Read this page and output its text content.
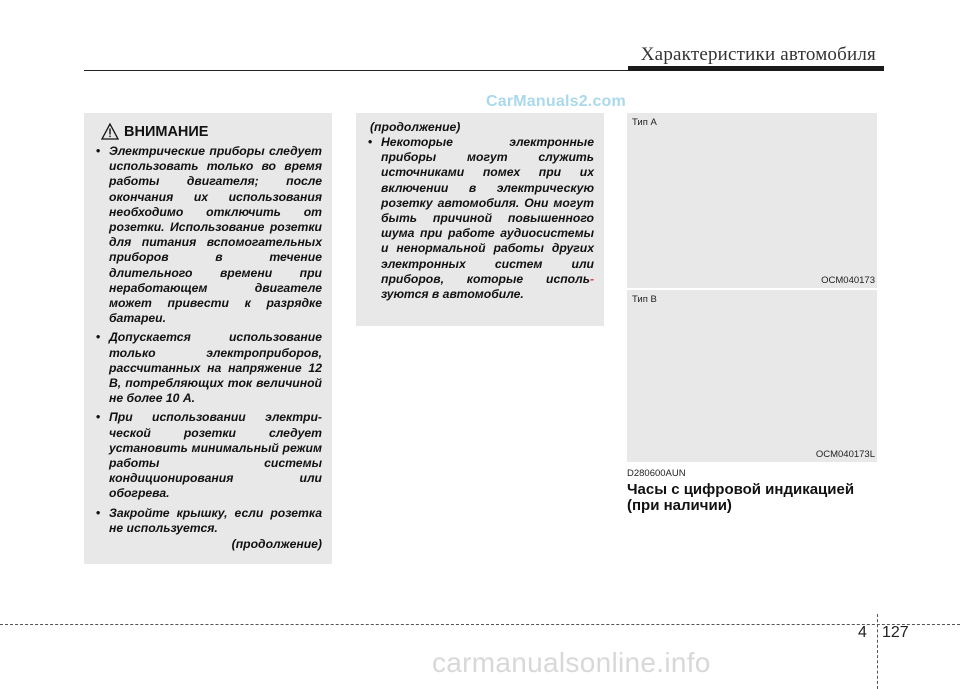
Характеристики автомобиля
CarManuals2.com
ВНИМАНИЕ
• Электрические приборы следует использовать только во время работы двигателя; после окончания их использования необходимо отключить от розетки. Использование розетки для питания вспомогательных приборов в течение длительного времени при неработающем двигателе может привести к разрядке батареи.
• Допускается использование только электроприборов, рассчитанных на напряжение 12 В, потребляющих ток величиной не более 10 А.
• При использовании электри-ческой розетки следует установить минимальный режим работы системы кондиционирования или обогрева.
• Закройте крышку, если розетка не используется.
(продолжение)
(продолжение)
• Некоторые электронные приборы могут служить источниками помех при их включении в электрическую розетку автомобиля. Они могут быть причиной повышенного шума при работе аудиосистемы и ненормальной работы других электронных систем или приборов, которые исполь- зуются в автомобиле.
Тип A
OCM040173
Тип B
OCM040173L
D280600AUN
Часы с цифровой индикацией (при наличии)
4 127
carmanualsonline.info
